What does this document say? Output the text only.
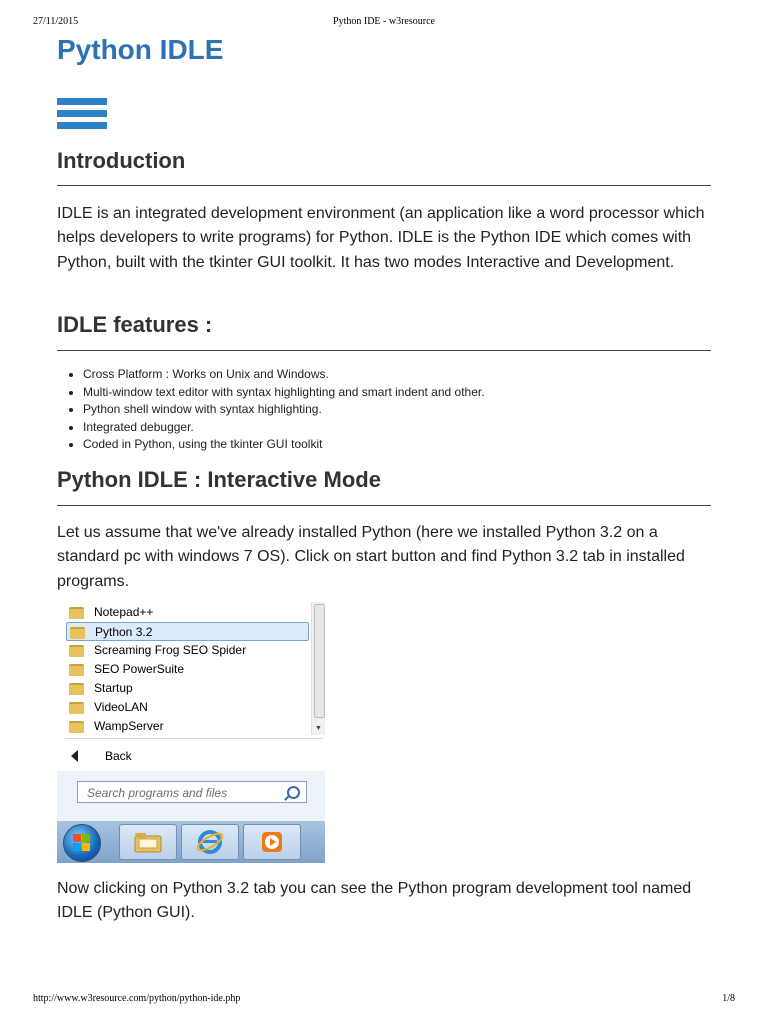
27/11/2015	Python IDE - w3resource
Python IDLE
Introduction

IDLE is an integrated development environment (an application like a word processor which helps developers to write programs) for Python. IDLE is the Python IDE which comes with Python, built with the tkinter GUI toolkit. It has two modes Interactive and Development.

IDLE features :
• Cross Platform : Works on Unix and Windows.
• Multi-window text editor with syntax highlighting and smart indent and other.
• Python shell window with syntax highlighting.
• Integrated debugger.
• Coded in Python, using the tkinter GUI toolkit
Python IDLE : Interactive Mode

Let us assume that we've already installed Python (here we installed Python 3.2 on a standard pc with windows 7 OS). Click on start button and find Python 3.2 tab in installed programs.

Notepad++
Python 3.2
Screaming Frog SEO Spider
SEO PowerSuite
Startup
VideoLAN
WampServer	▼
Back
Search programs and files

Now clicking on Python 3.2 tab you can see the Python program development tool named IDLE (Python GUI).

http://www.w3resource.com/python/python-ide.php	1/8
